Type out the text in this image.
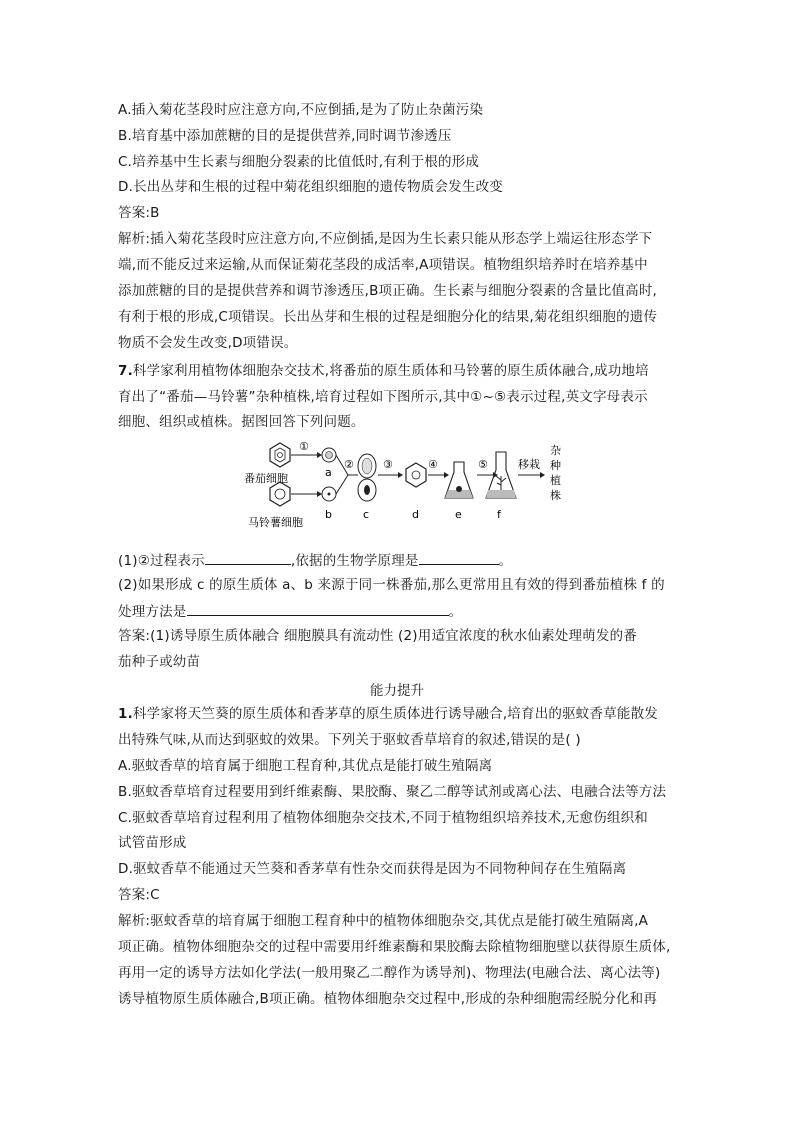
A.插入菊花茎段时应注意方向,不应倒插,是为了防止杂菌污染
B.培育基中添加蔗糖的目的是提供营养,同时调节渗透压
C.培养基中生长素与细胞分裂素的比值低时,有利于根的形成
D.长出丛芽和生根的过程中菊花组织细胞的遗传物质会发生改变
答案:B
解析:插入菊花茎段时应注意方向,不应倒插,是因为生长素只能从形态学上端运往形态学下
端,而不能反过来运输,从而保证菊花茎段的成活率,A项错误。植物组织培养时在培养基中
添加蔗糖的目的是提供营养和调节渗透压,B项正确。生长素与细胞分裂素的含量比值高时,
有利于根的形成,C项错误。长出丛芽和生根的过程是细胞分化的结果,菊花组织细胞的遗传
物质不会发生改变,D项错误。
7.科学家利用植物体细胞杂交技术,将番茄的原生质体和马铃薯的原生质体融合,成功地培
育出了“番茄—马铃薯”杂种植株,培育过程如下图所示,其中①~⑤表示过程,英文字母表示
细胞、组织或植株。据图回答下列问题。
①
a
番茄细胞
b
马铃薯细胞
②
c
③
d
④
e
⑤
f
移栽
杂
种
植
株
(1)②过程表示	,依据的生物学原理是	。
(2)如果形成 c 的原生质体 a、b 来源于同一株番茄,那么更常用且有效的得到番茄植株 f 的
处理方法是	。
答案:(1)诱导原生质体融合 细胞膜具有流动性 (2)用适宜浓度的秋水仙素处理萌发的番
茄种子或幼苗
能力提升
1.科学家将天竺葵的原生质体和香茅草的原生质体进行诱导融合,培育出的驱蚊香草能散发
出特殊气味,从而达到驱蚊的效果。下列关于驱蚊香草培育的叙述,错误的是( )
A.驱蚊香草的培育属于细胞工程育种,其优点是能打破生殖隔离
B.驱蚊香草培育过程要用到纤维素酶、果胶酶、聚乙二醇等试剂或离心法、电融合法等方法
C.驱蚊香草培育过程利用了植物体细胞杂交技术,不同于植物组织培养技术,无愈伤组织和
试管苗形成
D.驱蚊香草不能通过天竺葵和香茅草有性杂交而获得是因为不同物种间存在生殖隔离
答案:C
解析:驱蚊香草的培育属于细胞工程育种中的植物体细胞杂交,其优点是能打破生殖隔离,A
项正确。植物体细胞杂交的过程中需要用纤维素酶和果胶酶去除植物细胞壁以获得原生质体,
再用一定的诱导方法如化学法(一般用聚乙二醇作为诱导剂)、物理法(电融合法、离心法等)
诱导植物原生质体融合,B项正确。植物体细胞杂交过程中,形成的杂种细胞需经脱分化和再
